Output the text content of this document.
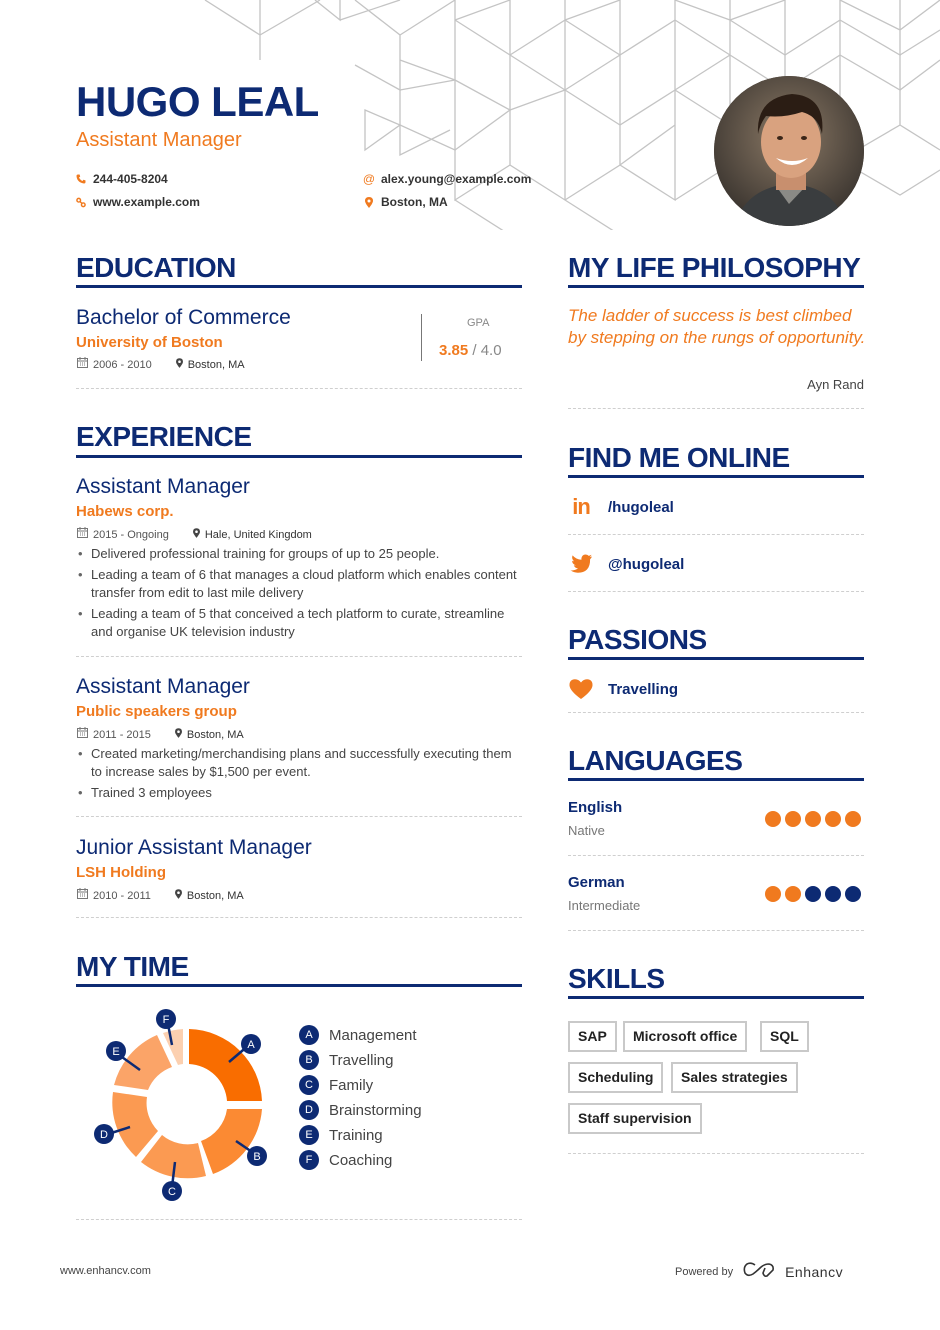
HUGO LEAL
Assistant Manager
244-405-8204
www.example.com
@ alex.young@example.com
Boston, MA
EDUCATION
Bachelor of Commerce
University of Boston
2006 - 2010	Boston, MA
GPA
3.85 / 4.0
EXPERIENCE
Assistant Manager
Habews corp.
2015 - Ongoing	Hale, United Kingdom
• Delivered professional training for groups of up to 25 people.
• Leading a team of 6 that manages a cloud platform which enables content transfer from edit to last mile delivery
• Leading a team of 5 that conceived a tech platform to curate, streamline and organise UK television industry
Assistant Manager
Public speakers group
2011 - 2015	Boston, MA
• Created marketing/merchandising plans and successfully executing them to increase sales by $1,500 per event.
• Trained 3 employees
Junior Assistant Manager
LSH Holding
2010 - 2011	Boston, MA
MY TIME
A
B
C
D
E
F
A	Management
B	Travelling
C	Family
D	Brainstorming
E	Training
F	Coaching
MY LIFE PHILOSOPHY
The ladder of success is best climbed by stepping on the rungs of opportunity.
Ayn Rand
FIND ME ONLINE
in /hugoleal
@hugoleal
PASSIONS
Travelling
LANGUAGES
English
Native
German
Intermediate
SKILLS
SAP	Microsoft office	SQL
Scheduling	Sales strategies
Staff supervision
www.enhancv.com	Powered by	Enhancv
